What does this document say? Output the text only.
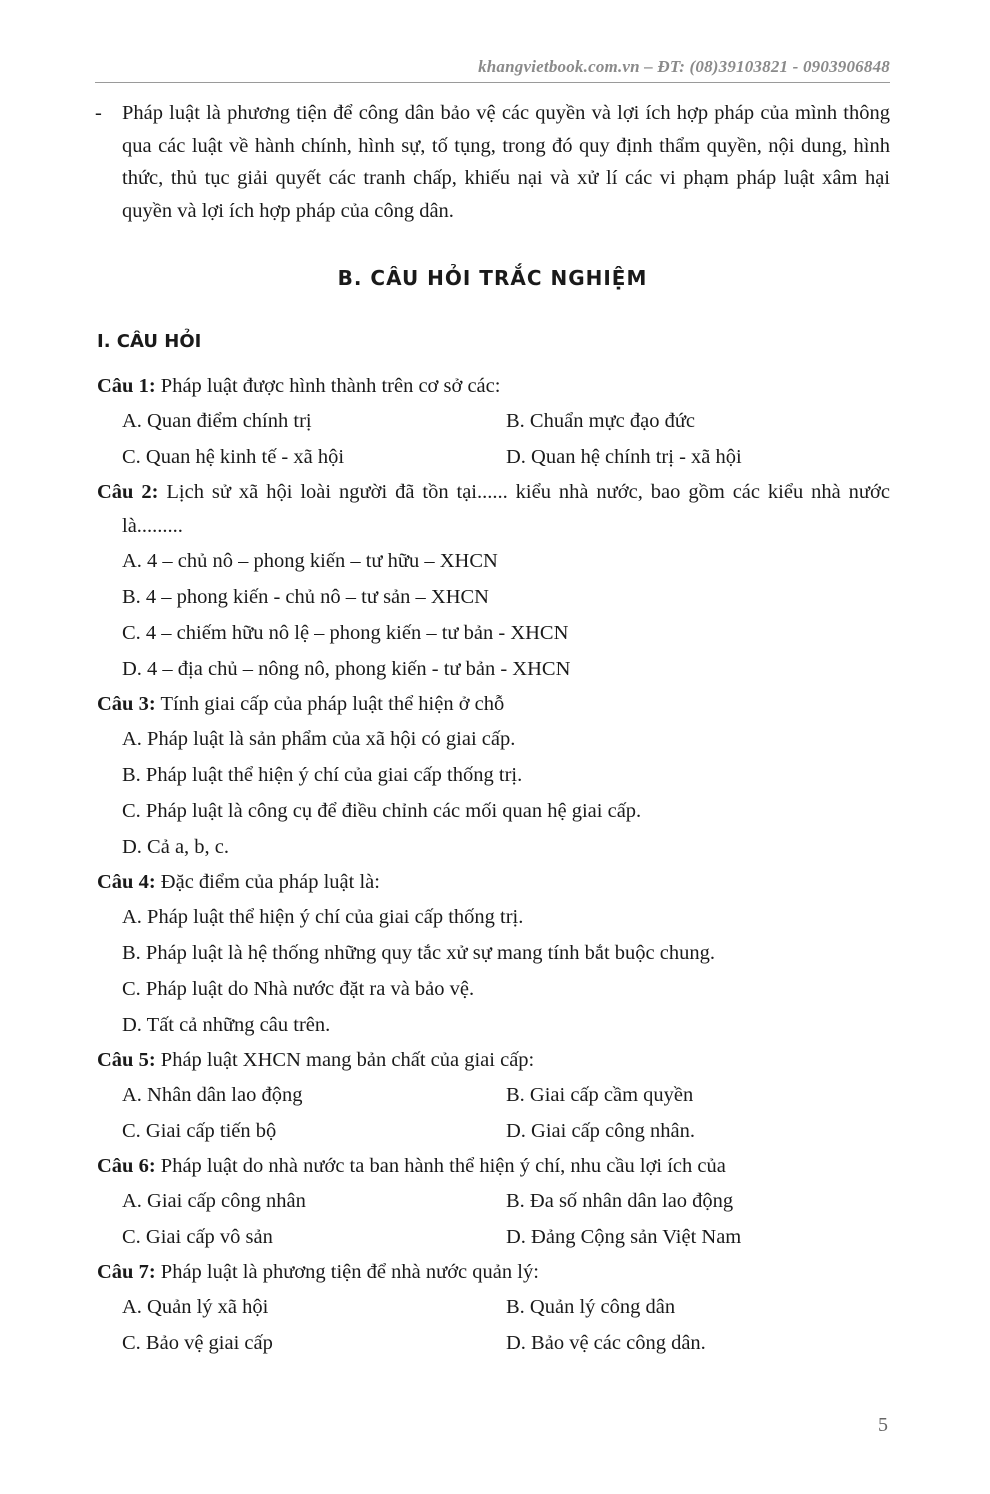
khangvietbook.com.vn – ĐT: (08)39103821 - 0903906848
- Pháp luật là phương tiện để công dân bảo vệ các quyền và lợi ích hợp pháp của mình thông qua các luật về hành chính, hình sự, tố tụng, trong đó quy định thẩm quyền, nội dung, hình thức, thủ tục giải quyết các tranh chấp, khiếu nại và xử lí các vi phạm pháp luật xâm hại quyền và lợi ích hợp pháp của công dân.
B. CÂU HỎI TRẮC NGHIỆM
I. CÂU HỎI
Câu 1: Pháp luật được hình thành trên cơ sở các:
A. Quan điểm chính trị	B. Chuẩn mực đạo đức
C. Quan hệ kinh tế - xã hội	D. Quan hệ chính trị - xã hội
Câu 2: Lịch sử xã hội loài người đã tồn tại...... kiểu nhà nước, bao gồm các kiểu nhà nước là.........
A. 4 – chủ nô – phong kiến – tư hữu – XHCN
B. 4 – phong kiến - chủ nô – tư sản – XHCN
C. 4 – chiếm hữu nô lệ – phong kiến – tư bản - XHCN
D. 4 – địa chủ – nông nô, phong kiến - tư bản - XHCN
Câu 3: Tính giai cấp của pháp luật thể hiện ở chỗ
A. Pháp luật là sản phẩm của xã hội có giai cấp.
B. Pháp luật thể hiện ý chí của giai cấp thống trị.
C. Pháp luật là công cụ để điều chỉnh các mối quan hệ giai cấp.
D. Cả a, b, c.
Câu 4: Đặc điểm của pháp luật là:
A. Pháp luật thể hiện ý chí của giai cấp thống trị.
B. Pháp luật là hệ thống những quy tắc xử sự mang tính bắt buộc chung.
C. Pháp luật do Nhà nước đặt ra và bảo vệ.
D. Tất cả những câu trên.
Câu 5: Pháp luật XHCN mang bản chất của giai cấp:
A. Nhân dân lao động	B. Giai cấp cầm quyền
C. Giai cấp tiến bộ	D. Giai cấp công nhân.
Câu 6: Pháp luật do nhà nước ta ban hành thể hiện ý chí, nhu cầu lợi ích của
A. Giai cấp công nhân	B. Đa số nhân dân lao động
C. Giai cấp vô sản	D. Đảng Cộng sản Việt Nam
Câu 7: Pháp luật là phương tiện để nhà nước quản lý:
A. Quản lý xã hội	B. Quản lý công dân
C. Bảo vệ giai cấp	D. Bảo vệ các công dân.
5
